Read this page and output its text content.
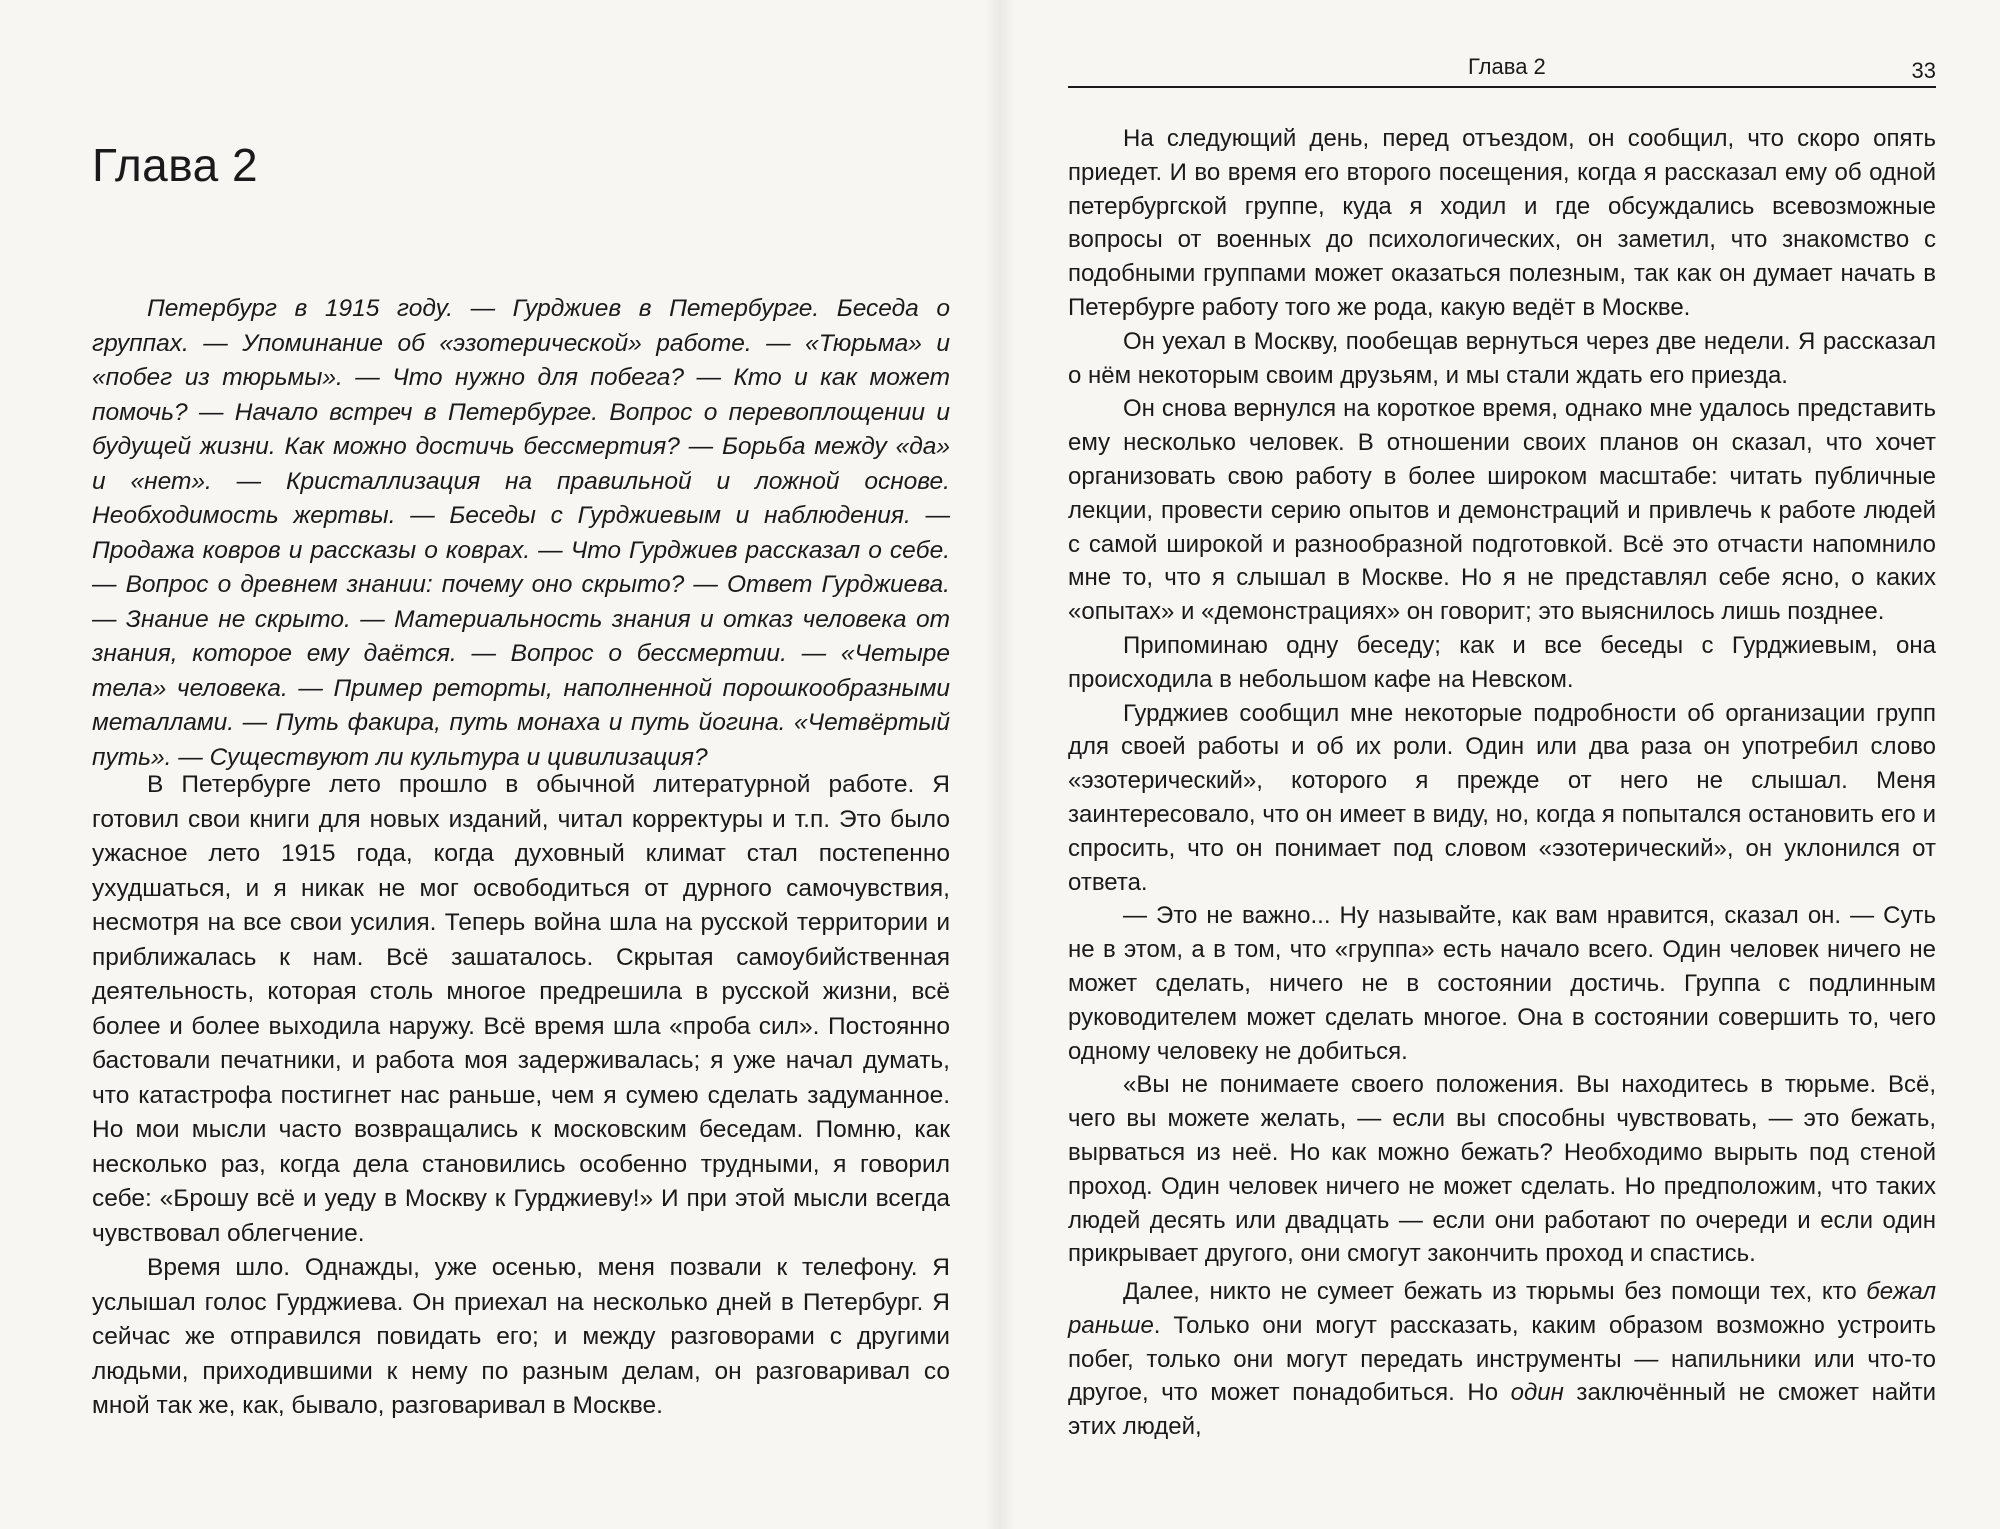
Глава 2

Петербург в 1915 году. — Гурджиев в Петербурге. Беседа о группах. — Упоминание об «эзотерической» работе. — «Тюрьма» и «побег из тюрьмы». — Что нужно для побега? — Кто и как может помочь? — Начало встреч в Петербурге. Вопрос о перевоплощении и будущей жизни. Как можно достичь бессмертия? — Борьба между «да» и «нет». — Кристаллизация на правильной и ложной основе. Необходимость жертвы. — Беседы с Гурджиевым и наблюдения. — Продажа ковров и рассказы о коврах. — Что Гурджиев рассказал о себе. — Вопрос о древнем знании: почему оно скрыто? — Ответ Гурджиева. — Знание не скрыто. — Материальность знания и отказ человека от знания, которое ему даётся. — Вопрос о бессмертии. — «Четыре тела» человека. — Пример реторты, наполненной порошкообразными металлами. — Путь факира, путь монаха и путь йогина. «Четвёртый путь». — Существуют ли культура и цивилизация?

В Петербурге лето прошло в обычной литературной работе. Я готовил свои книги для новых изданий, читал корректуры и т.п. Это было ужасное лето 1915 года, когда духовный климат стал постепенно ухудшаться, и я никак не мог освободиться от дурного самочувствия, несмотря на все свои усилия. Теперь война шла на русской территории и приближалась к нам. Всё зашаталось. Скрытая самоубийственная деятельность, которая столь многое предрешила в русской жизни, всё более и более выходила наружу. Всё время шла «проба сил». Постоянно бастовали печатники, и работа моя задерживалась; я уже начал думать, что катастрофа постигнет нас раньше, чем я сумею сделать задуманное. Но мои мысли часто возвращались к московским беседам. Помню, как несколько раз, когда дела становились особенно трудными, я говорил себе: «Брошу всё и уеду в Москву к Гурджиеву!» И при этой мысли всегда чувствовал облегчение.

Время шло. Однажды, уже осенью, меня позвали к телефону. Я услышал голос Гурджиева. Он приехал на несколько дней в Петербург. Я сейчас же отправился повидать его; и между разговорами с другими людьми, приходившими к нему по разным делам, он разговаривал со мной так же, как, бывало, разговаривал в Москве.

Глава 2	33

На следующий день, перед отъездом, он сообщил, что скоро опять приедет. И во время его второго посещения, когда я рассказал ему об одной петербургской группе, куда я ходил и где обсуждались всевозможные вопросы от военных до психологических, он заметил, что знакомство с подобными группами может оказаться полезным, так как он думает начать в Петербурге работу того же рода, какую ведёт в Москве.

Он уехал в Москву, пообещав вернуться через две недели. Я рассказал о нём некоторым своим друзьям, и мы стали ждать его приезда.

Он снова вернулся на короткое время, однако мне удалось представить ему несколько человек. В отношении своих планов он сказал, что хочет организовать свою работу в более широком масштабе: читать публичные лекции, провести серию опытов и демонстраций и привлечь к работе людей с самой широкой и разнообразной подготовкой. Всё это отчасти напомнило мне то, что я слышал в Москве. Но я не представлял себе ясно, о каких «опытах» и «демонстрациях» он говорит; это выяснилось лишь позднее.

Припоминаю одну беседу; как и все беседы с Гурджиевым, она происходила в небольшом кафе на Невском.

Гурджиев сообщил мне некоторые подробности об организации групп для своей работы и об их роли. Один или два раза он употребил слово «эзотерический», которого я прежде от него не слышал. Меня заинтересовало, что он имеет в виду, но, когда я попытался остановить его и спросить, что он понимает под словом «эзотерический», он уклонился от ответа.

— Это не важно... Ну называйте, как вам нравится, сказал он. — Суть не в этом, а в том, что «группа» есть начало всего. Один человек ничего не может сделать, ничего не в состоянии достичь. Группа с подлинным руководителем может сделать многое. Она в состоянии совершить то, чего одному человеку не добиться.

«Вы не понимаете своего положения. Вы находитесь в тюрьме. Всё, чего вы можете желать, — если вы способны чувствовать, — это бежать, вырваться из неё. Но как можно бежать? Необходимо вырыть под стеной проход. Один человек ничего не может сделать. Но предположим, что таких людей десять или двадцать — если они работают по очереди и если один прикрывает другого, они смогут закончить проход и спастись.

Далее, никто не сумеет бежать из тюрьмы без помощи тех, кто бежал раньше. Только они могут рассказать, каким образом возможно устроить побег, только они могут передать инструменты — напильники или что-то другое, что может понадобиться. Но один заключённый не сможет найти этих людей,
